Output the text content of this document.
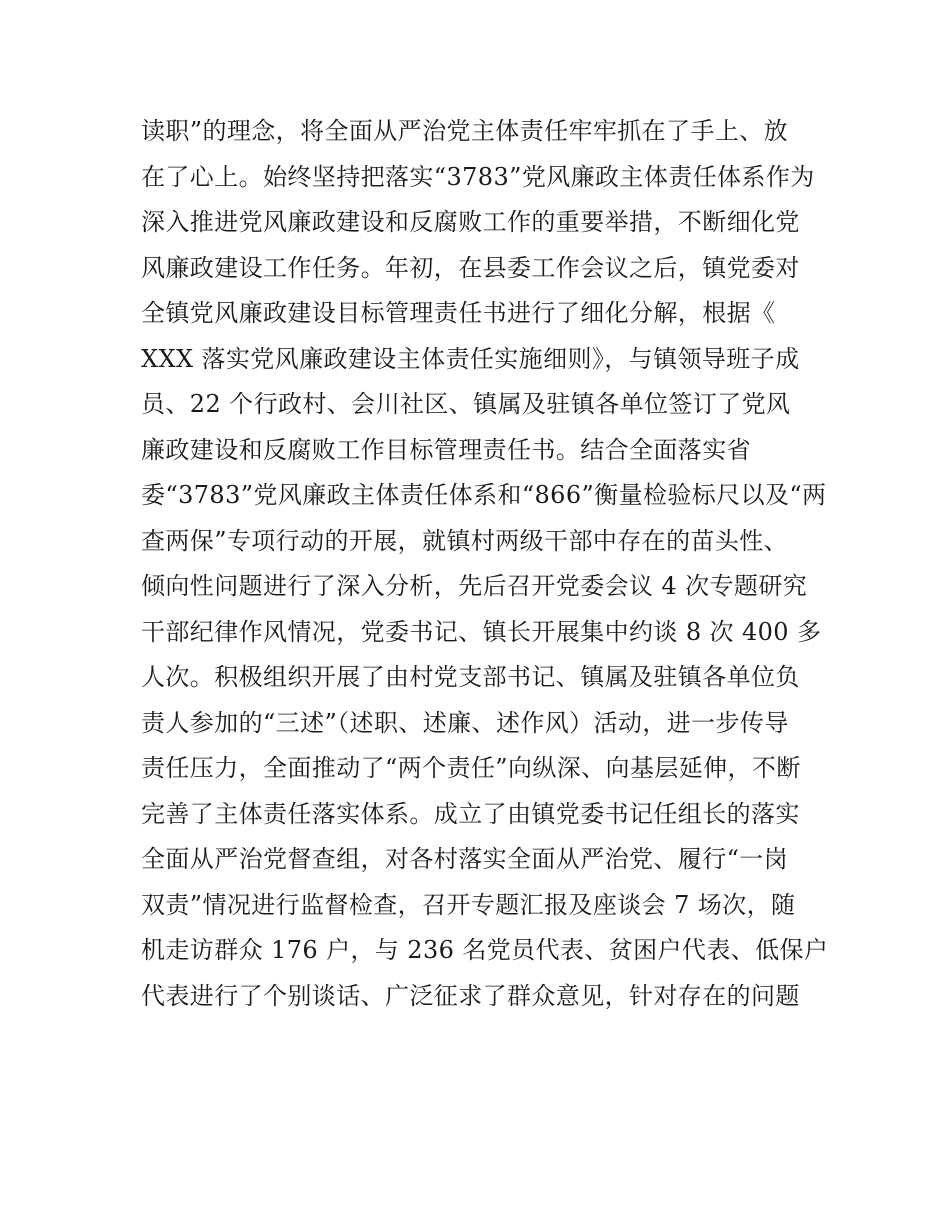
读职”的理念，将全面从严治党主体责任牢牢抓在了手上、放
在了心上。始终坚持把落实“3783”党风廉政主体责任体系作为
深入推进党风廉政建设和反腐败工作的重要举措，不断细化党
风廉政建设工作任务。年初，在县委工作会议之后，镇党委对
全镇党风廉政建设目标管理责任书进行了细化分解，根据《
XXX 落实党风廉政建设主体责任实施细则》，与镇领导班子成
员、22 个行政村、会川社区、镇属及驻镇各单位签订了党风
廉政建设和反腐败工作目标管理责任书。结合全面落实省
委“3783”党风廉政主体责任体系和“866”衡量检验标尺以及“两
查两保”专项行动的开展，就镇村两级干部中存在的苗头性、
倾向性问题进行了深入分析，先后召开党委会议 4 次专题研究
干部纪律作风情况，党委书记、镇长开展集中约谈 8 次 400 多
人次。积极组织开展了由村党支部书记、镇属及驻镇各单位负
责人参加的“三述”（述职、述廉、述作风）活动，进一步传导
责任压力，全面推动了“两个责任”向纵深、向基层延伸，不断
完善了主体责任落实体系。成立了由镇党委书记任组长的落实
全面从严治党督查组，对各村落实全面从严治党、履行“一岗
双责”情况进行监督检查，召开专题汇报及座谈会 7 场次，随
机走访群众 176 户，与 236 名党员代表、贫困户代表、低保户
代表进行了个别谈话、广泛征求了群众意见，针对存在的问题
